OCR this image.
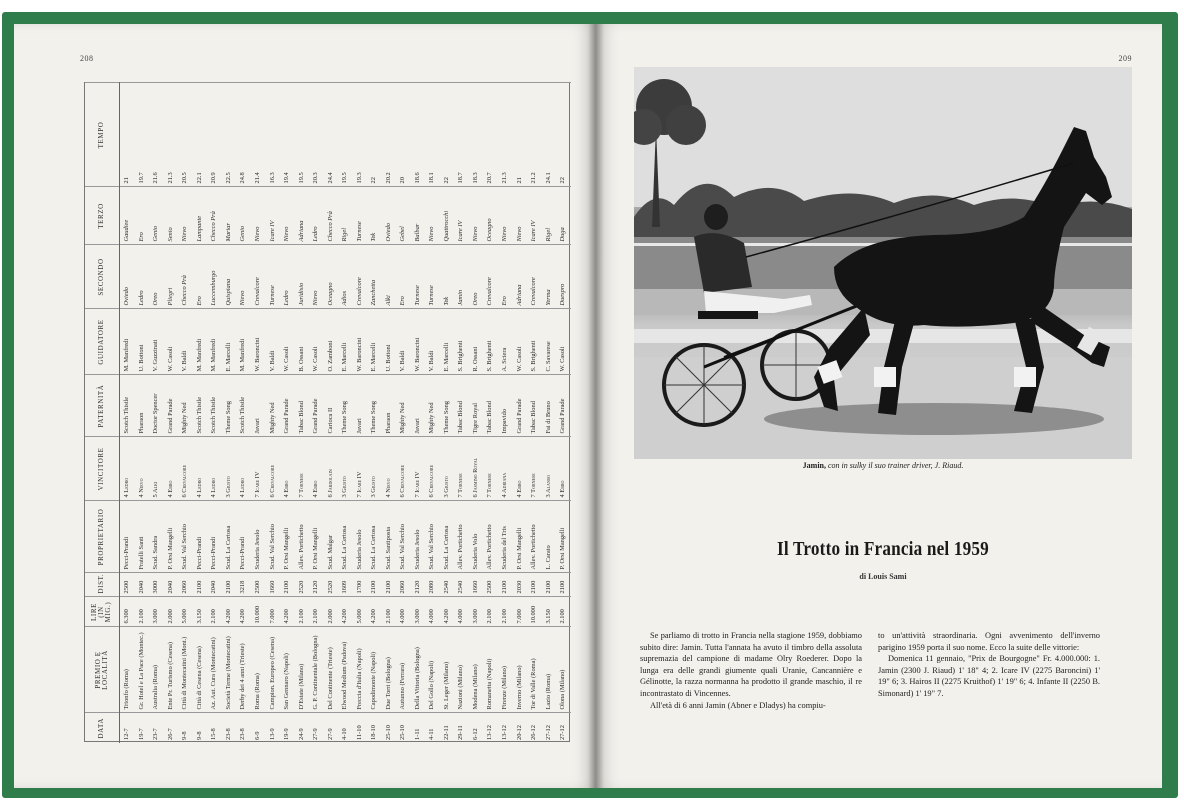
208
DATA	PREMIO E LOCALITÀ	LIRE (IN MIG.)	DIST.	PROPRIETARIO	VINCITORE	PATERNITÀ	GUIDATORE	SECONDO	TERZO	TEMPO
12-7	Trionfo (Roma)	6.300	2500	Pecci-Prandi	4 Ledro	Scotch Thistle	M. Manfredi	Oviedo	Gaudiee	21
19-7	Gr. Hotel e La Pace (Montec.)	2.100	2040	Fratelli Santi	4 Nievo	Pharaon	U. Bottoni	Ledro	Ero	19.7
23-7	Australia (Roma)	3.000	3000	Scud. Sandra	5 Alki	Doctor Spencer	V. Guzzinati	Oreo	Genio	21.6
26-7	Ente Pr. Turismo (Cesena)	2.000	2040	P. Orsi Mangelli	4 Ebro	Grand Parade	W. Casoli	Pliegri	Senio	21.3
9-8	Città di Montecatini (Mont.)	5.000	2060	Scud. Val Serchio	6 Crevalcore	Mighty Ned	V. Baldi	Checco Prà	Nievo	20.5
9-8	Città di Cesena (Cesena)	3.150	2100	Pecci-Prandi	4 Ledro	Scotch Thistle	M. Manfredi	Ero	Lampante	22.1
15-8	Az. Aut. Cura (Montecatini)	2.100	2040	Pecci-Prandi	4 Ledro	Scotch Thistle	M. Manfredi	Luccemburgo	Checco Prà	20.9
23-8	Società Terme (Montecatini)	4.200	2100	Scud. La Certosa	3 Giusto	Theme Song	E. Marcelli	Quispiana	Mariar	22.5
23-8	Derby dei 4 anni (Trieste)	4.200	3218	Pecci-Prandi	4 Ledro	Scotch Thistle	M. Manfredi	Nievo	Genio	24.8
6-9	Roma (Roma)	10.000	2500	Scuderia Jesolo	7 Icare IV	Javari	W. Baroncini	Crevalcore	Nievo	21.4
13-9	Campion. Europeo (Cesena)	7.000	1660	Scud. Val Serchio	6 Crevalcore	Mighty Ned	V. Baldi	Turnese	Icare IV	16.3
19-9	San Gennaro (Napoli)	4.200	2100	P. Orsi Mangelli	4 Ebro	Grand Parade	W. Casoli	Ledro	Nievo	19.4
24-9	D'Estate (Milano)	2.100	2520	Allev. Portichetto	7 Tornese	Tabac Blond	B. Ossani	Juridisio	Adriana	19.5
27-9	G. P. Continentale (Bologna)	2.100	2120	P. Orsi Mangelli	4 Ebro	Grand Parade	W. Casoli	Nievo	Ledro	20.3
27-9	Del Continente (Trieste)	2.000	2520	Scud. Malgar	6 Jardolain	Carioca II	O. Zamboni	Oceagno	Checco Prà	24.4
4-10	Elwood Medium (Padova)	4.200	1609	Scud. La Certosa	3 Giusto	Theme Song	E. Marcelli	Adios	Rigel	19.5
11-10	Freccia d'Italia (Napoli)	5.000	1700	Scuderia Jesolo	7 Icare IV	Javari	W. Baroncini	Crevalcore	Turnese	19.3
18-10	Capodimonte (Napoli)	4.200	2100	Scud. La Certosa	3 Giusto	Theme Song	E. Marcelli	Zanchetta	Tek	22
25-10	Due Torri (Bologna)	2.100	2100	Scud. Santiposta	4 Nievo	Pharaon	U. Bottoni	Alki	Oviedo	20.2
25-10	Autunno (Ferrara)	4.000	2060	Scud. Val Serchio	6 Crevalcore	Mighty Ned	V. Baldi	Ero	Gebel	20
1-11	Della Vittoria (Bologna)	3.000	2120	Scuderia Jesolo	7 Icare IV	Javari	W. Baroncini	Turnese	Balbar	18.6
4-11	Del Gollo (Napoli)	4.000	2080	Scud. Val Serchio	6 Crevalcore	Mighty Ned	V. Baldi	Turnese	Nievo	18.1
22-11	St. Leger (Milano)	4.200	2540	Scud. La Certosa	3 Giusto	Theme Song	E. Marcelli	Tek	Quattrocchi	22
29-11	Nazioni (Milano)	4.000	2540	Allev. Portichetto	7 Tornese	Tabac Blond	S. Brighenti	Jamin	Icare IV	18.7
6-12	Modena (Milano)	3.000	1660	Scuderia Volo	6 Jasmino Royal	Tigre Royal	R. Ossani	Oreo	Nievo	18.3
13-12	Romanetta (Napoli)	2.100	2500	Allev. Portichetto	7 Tornese	Tabac Blond	S. Brighenti	Crevalcore	Oceagno	20.7
13-12	Firenze (Milano)	2.100	2100	Scuderia del Tris	4 Adriana	Impavido	A. Sciera	Ero	Nievo	21.3
20-12	Inverno (Milano)	7.000	2030	P. Orsi Mangelli	4 Ebro	Grand Parade	W. Casoli	Adriana	Nievo	21
26-12	Tor di Valle (Roma)	10.000	2100	Allev. Portichetto	7 Tornese	Tabac Blond	S. Brighenti	Crevalcore	Icare IV	21.2
27-12	Lazio (Roma)	3.150	2100	L. Carato	3 Alanso	Fai di Bruno	C. Savarese	Yerma	Rigel	24.1
27-12	Olona (Milano)	2.100	2100	P. Orsi Mangelli	4 Ebro	Grand Parade	W. Casoli	Duespro	Duga	22
209
Jamin, con in sulky il suo trainer driver, J. Riaud.
Il Trotto in Francia nel 1959
di Louis Sami

Se parliamo di trotto in Francia nella stagione 1959, dobbiamo subito dire: Jamin. Tutta l'annata ha avuto il timbro della assoluta supremazia del campione di madame Olry Roederer. Dopo la lunga era delle grandi giumente quali Uranie, Cancannière e Gélinotte, la razza normanna ha prodotto il grande maschio, il re incontrastato di Vincennes.

All'età di 6 anni Jamin (Abner e Dladys) ha compiu-

to un'attività straordinaria. Ogni avvenimento dell'inverno parigino 1959 porta il suo nome. Ecco la suite delle vittorie:

Domenica 11 gennaio, "Prix de Bourgogne" Fr. 4.000.000: 1. Jamin (2300 J. Riaud) 1' 18" 4; 2. Icare IV (2275 Baroncini) 1' 19" 6; 3. Hairos II (2275 Kruithof) 1' 19" 6; 4. Infante II (2250 B. Simonard) 1' 19" 7.
